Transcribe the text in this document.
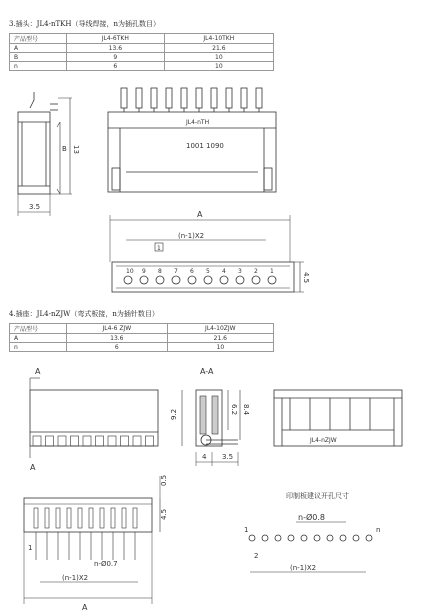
3.插头：JL4-nTKH（导线焊接，n为插孔数目）
产品型号	JL4-6TKH	JL4-10TKH
A	13.6	21.6
B	9	10
n	6	10
B 13
3.5
JL4-nTH
1001 1090
A
(n-1)X2
1
10 9 8 7 6 5 4 3 2 1
4.5
4.插座：JL4-nZJW（弯式板接，n为插针数目）
产品型号	JL4-6 ZJW	JL4-10ZJW
A	13.6	21.6
n	6	10
A
A
A-A
9.2	6.2 8.4
4 3.5
JL4-nZJW
0.5
4.5
1
n-Ø0.7
(n-1)X2
A
印制板建议开孔尺寸
n-Ø0.8
1	n
2
(n-1)X2
